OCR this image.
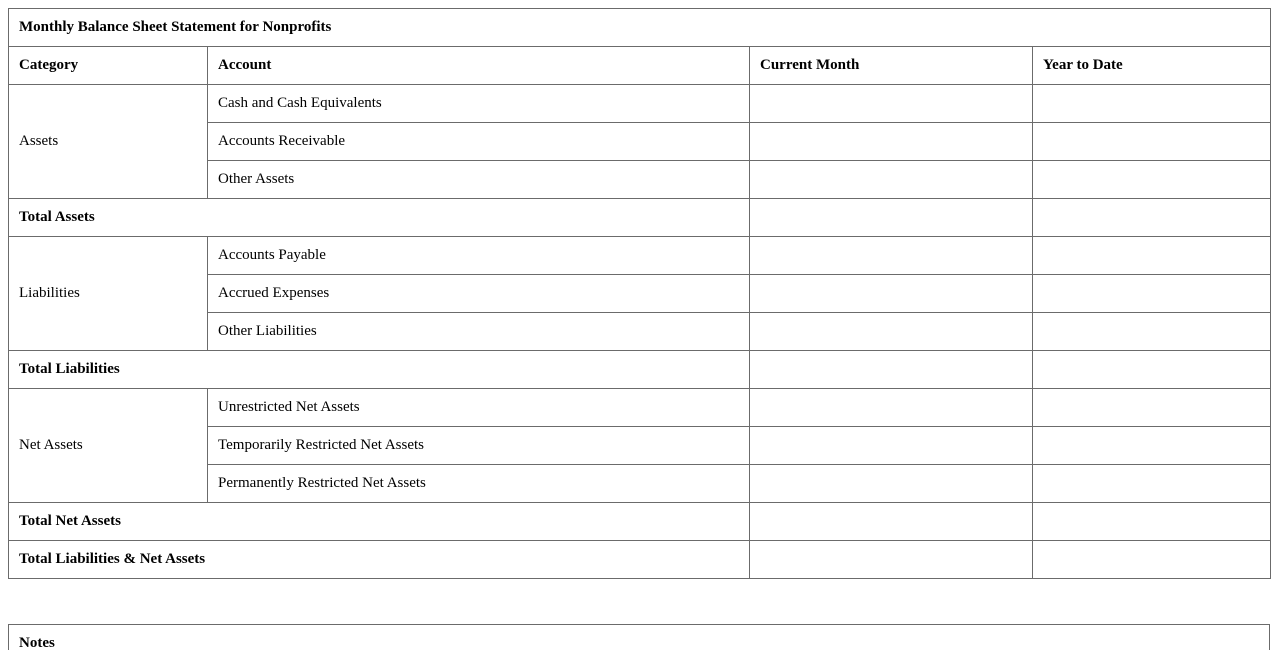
Monthly Balance Sheet Statement for Nonprofits			
Category	Account	Current Month	Year to Date
Assets	Cash and Cash Equivalents		
	Accounts Receivable		
	Other Assets		
Total Assets			
Liabilities	Accounts Payable		
	Accrued Expenses		
	Other Liabilities		
Total Liabilities			
Net Assets	Unrestricted Net Assets		
	Temporarily Restricted Net Assets		
	Permanently Restricted Net Assets		
Total Net Assets			
Total Liabilities & Net Assets			
Notes
